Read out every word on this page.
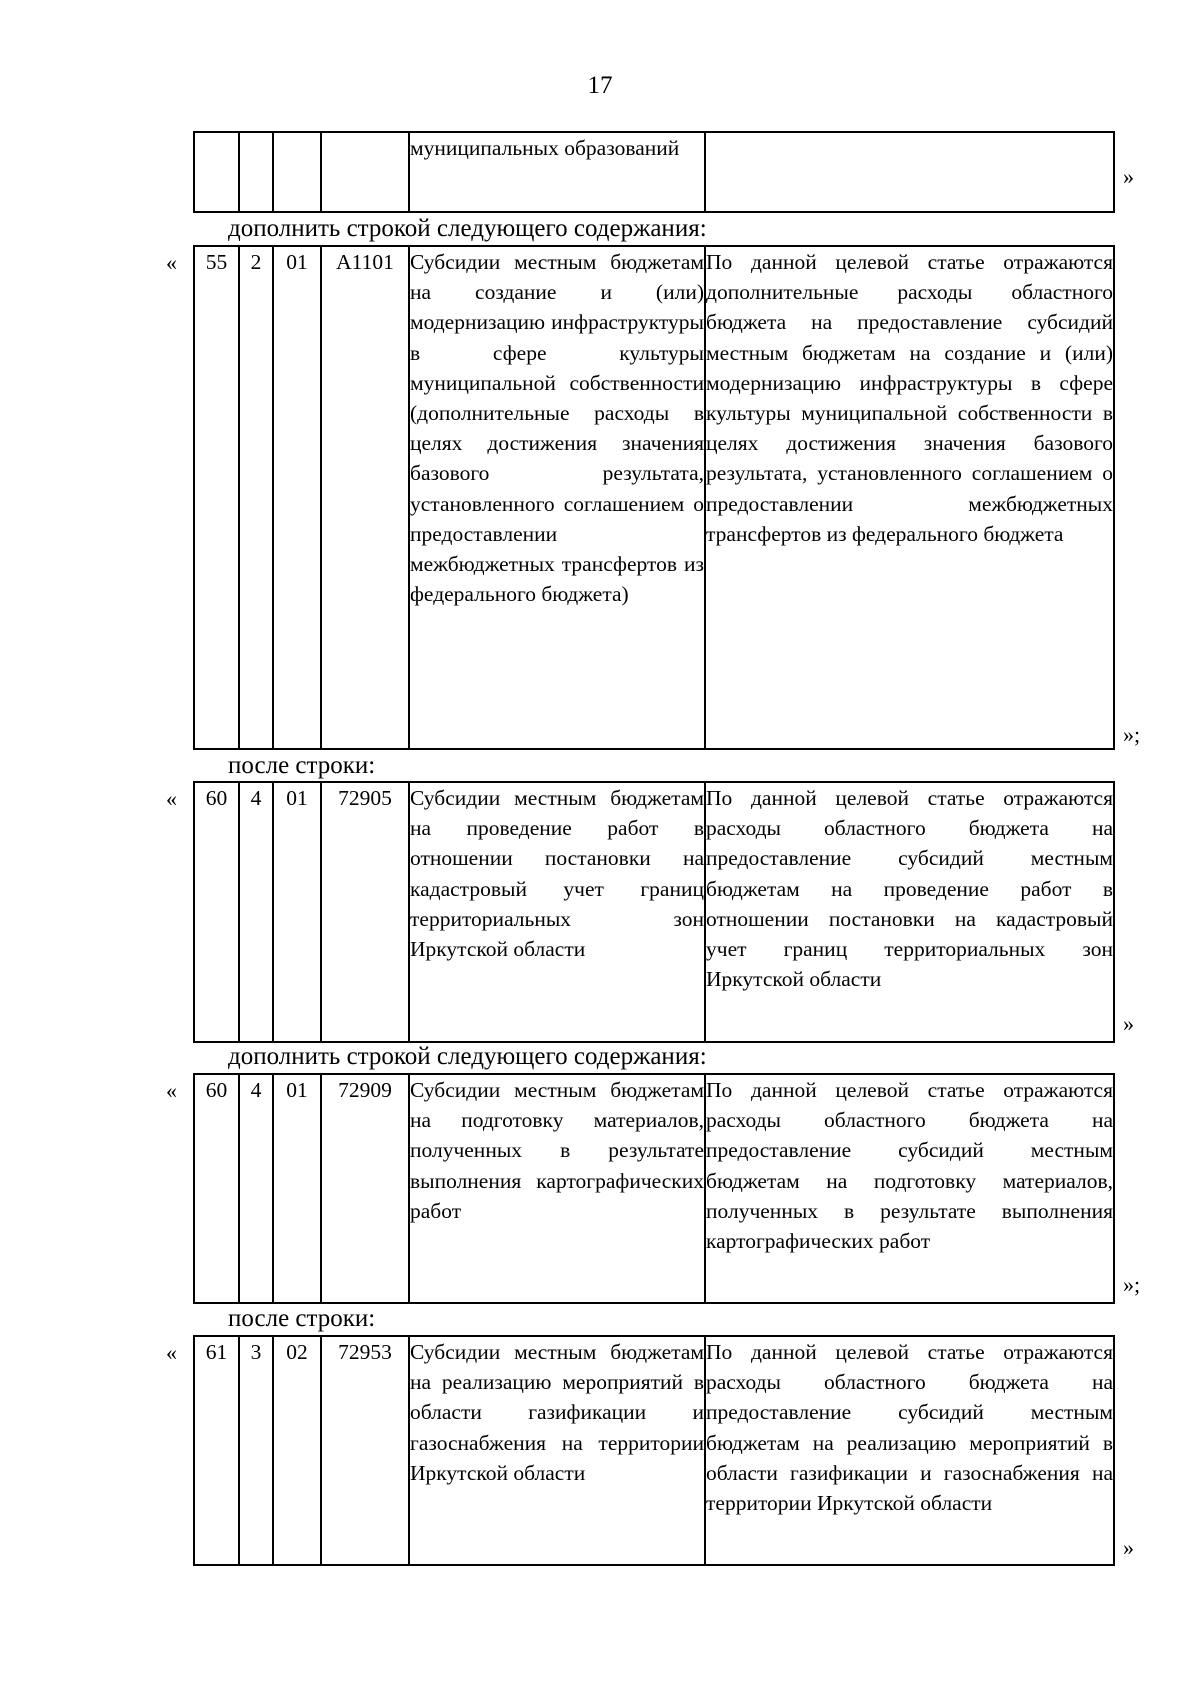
17
				муниципальных образований	
»
дополнить строкой следующего содержания:
« 55	2	01	А1101	Субсидии местным бюджетам на создание и (или) модернизацию инфраструктуры в сфере культуры муниципальной собственности (дополнительные расходы в целях достижения значения базового результата, установленного соглашением о предоставлении межбюджетных трансфертов из федерального бюджета)	По данной целевой статье отражаются дополнительные расходы областного бюджета на предоставление субсидий местным бюджетам на создание и (или) модернизацию инфраструктуры в сфере культуры муниципальной собственности в целях достижения значения базового результата, установленного соглашением о предоставлении межбюджетных трансфертов из федерального бюджета
»;
после строки:
« 60	4	01	72905	Субсидии местным бюджетам на проведение работ в отношении постановки на кадастровый учет границ территориальных зон Иркутской области	По данной целевой статье отражаются расходы областного бюджета на предоставление субсидий местным бюджетам на проведение работ в отношении постановки на кадастровый учет границ территориальных зон Иркутской области
»
дополнить строкой следующего содержания:
« 60	4	01	72909	Субсидии местным бюджетам на подготовку материалов, полученных в результате выполнения картографических работ	По данной целевой статье отражаются расходы областного бюджета на предоставление субсидий местным бюджетам на подготовку материалов, полученных в результате выполнения картографических работ
»;
после строки:
« 61	3	02	72953	Субсидии местным бюджетам на реализацию мероприятий в области газификации и газоснабжения на территории Иркутской области	По данной целевой статье отражаются расходы областного бюджета на предоставление субсидий местным бюджетам на реализацию мероприятий в области газификации и газоснабжения на территории Иркутской области
»
